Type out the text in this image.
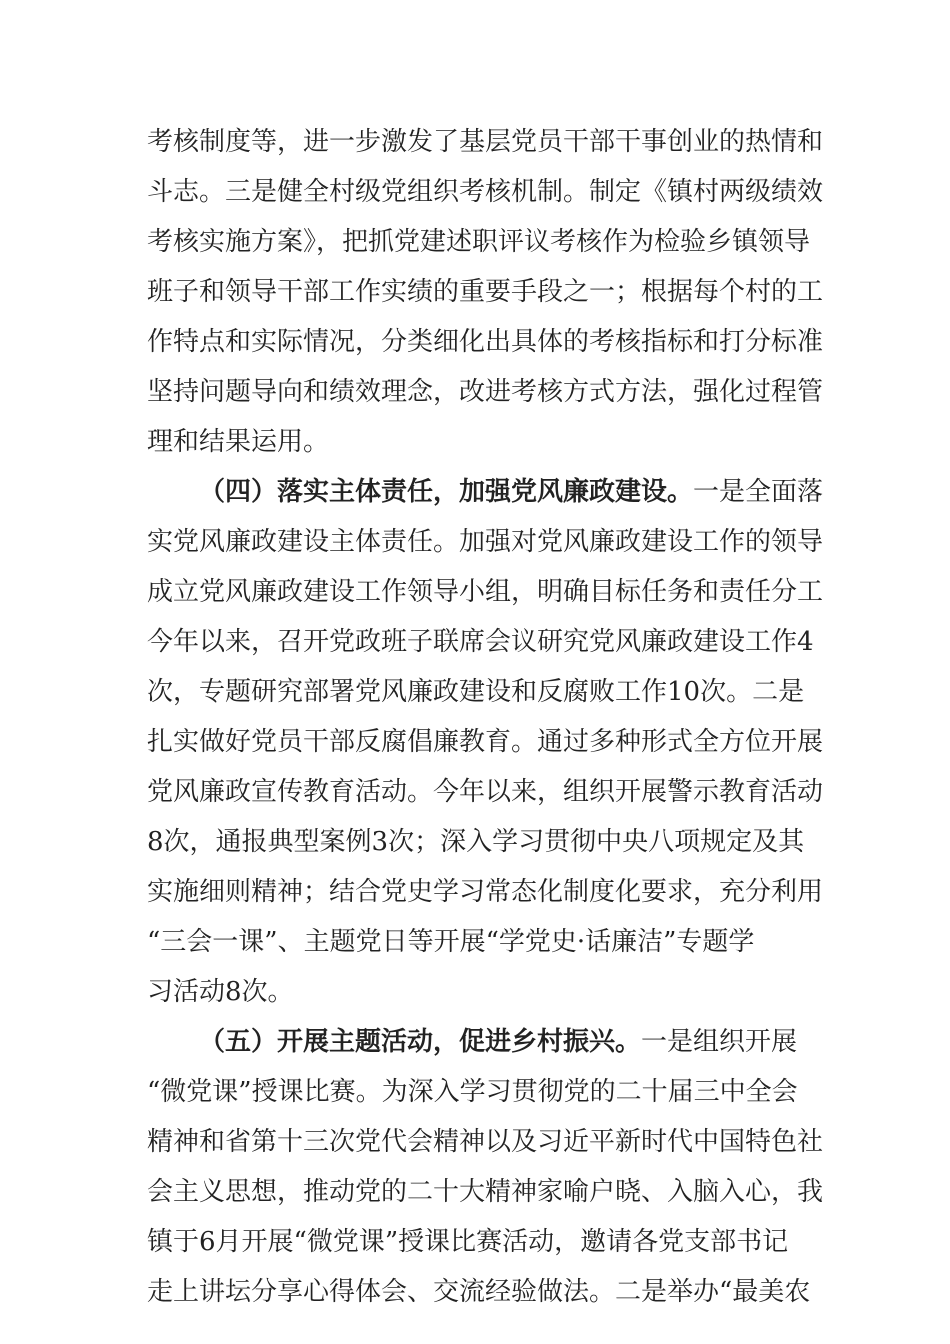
考核制度等，进一步激发了基层党员干部干事创业的热情和
斗志。三是健全村级党组织考核机制。制定《镇村两级绩效
考核实施方案》，把抓党建述职评议考核作为检验乡镇领导
班子和领导干部工作实绩的重要手段之一；根据每个村的工
作特点和实际情况，分类细化出具体的考核指标和打分标准
坚持问题导向和绩效理念，改进考核方式方法，强化过程管
理和结果运用。
（四）落实主体责任，加强党风廉政建设。一是全面落
实党风廉政建设主体责任。加强对党风廉政建设工作的领导
成立党风廉政建设工作领导小组，明确目标任务和责任分工
今年以来，召开党政班子联席会议研究党风廉政建设工作4
次，专题研究部署党风廉政建设和反腐败工作10次。二是
扎实做好党员干部反腐倡廉教育。通过多种形式全方位开展
党风廉政宣传教育活动。今年以来，组织开展警示教育活动
8次，通报典型案例3次；深入学习贯彻中央八项规定及其
实施细则精神；结合党史学习常态化制度化要求，充分利用
“三会一课”、主题党日等开展“学党史·话廉洁”专题学
习活动8次。
（五）开展主题活动，促进乡村振兴。一是组织开展
“微党课”授课比赛。为深入学习贯彻党的二十届三中全会
精神和省第十三次党代会精神以及习近平新时代中国特色社
会主义思想，推动党的二十大精神家喻户晓、入脑入心，我
镇于6月开展“微党课”授课比赛活动，邀请各党支部书记
走上讲坛分享心得体会、交流经验做法。二是举办“最美农
